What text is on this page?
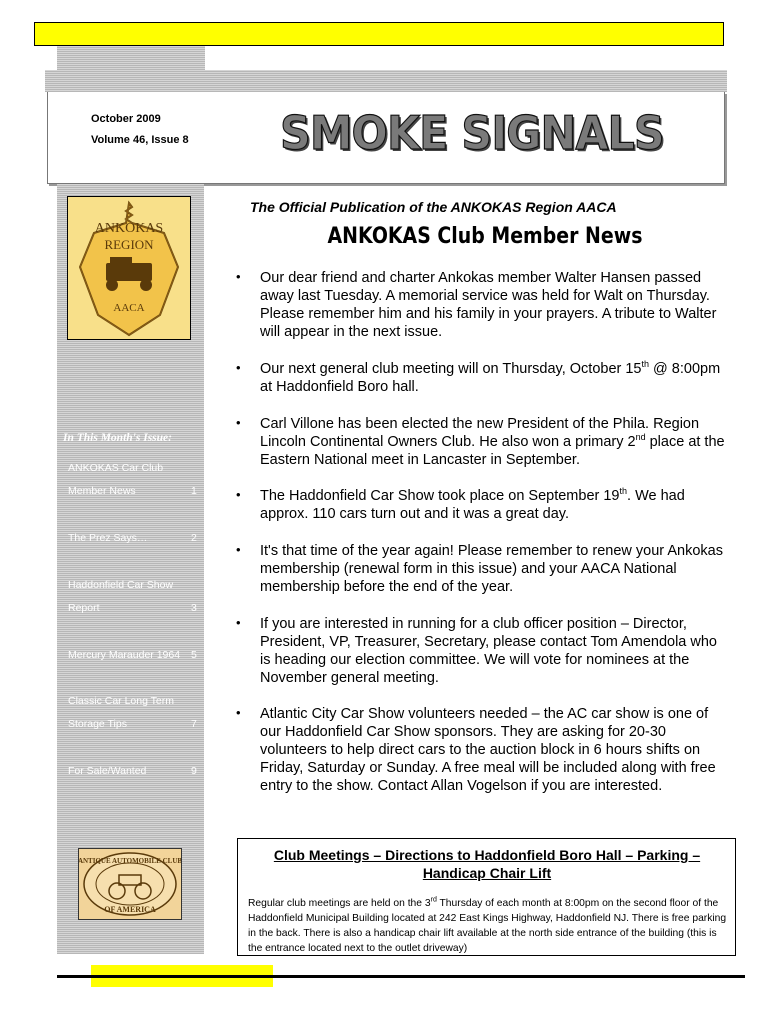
October 2009
Volume 46, Issue 8 SMOKE SIGNALS
ANKOKAS
REGION
AACA
In This Month's Issue:
ANKOKAS Car Club
Member News	1
The Prez Says…	2
Haddonfield Car Show
Report	3
Mercury Marauder 1964 5
Classic Car Long Term
Storage Tips	7
For Sale/Wanted	9
ANTIQUE AUTOMOBILE CLUB
OF AMERICA
The Official Publication of the ANKOKAS Region AACA
ANKOKAS Club Member News
• Our dear friend and charter Ankokas member Walter Hansen passed away last Tuesday. A memorial service was held for Walt on Thursday. Please remember him and his family in your prayers. A tribute to Walter will appear in the next issue.
• Our next general club meeting will on Thursday, October 15th @ 8:00pm at Haddonfield Boro hall.
• Carl Villone has been elected the new President of the Phila. Region Lincoln Continental Owners Club. He also won a primary 2nd place at the Eastern National meet in Lancaster in September.
• The Haddonfield Car Show took place on September 19th. We had approx. 110 cars turn out and it was a great day.
• It's that time of the year again! Please remember to renew your Ankokas membership (renewal form in this issue) and your AACA National membership before the end of the year.
• If you are interested in running for a club officer position – Director, President, VP, Treasurer, Secretary, please contact Tom Amendola who is heading our election committee. We will vote for nominees at the November general meeting.
• Atlantic City Car Show volunteers needed – the AC car show is one of our Haddonfield Car Show sponsors. They are asking for 20-30 volunteers to help direct cars to the auction block in 6 hours shifts on Friday, Saturday or Sunday. A free meal will be included along with free entry to the show. Contact Allan Vogelson if you are interested.
Club Meetings – Directions to Haddonfield Boro Hall – Parking – Handicap Chair Lift
Regular club meetings are held on the 3rd Thursday of each month at 8:00pm on the second floor of the Haddonfield Municipal Building located at 242 East Kings Highway, Haddonfield NJ. There is free parking in the back. There is also a handicap chair lift available at the north side entrance of the building (this is the entrance located next to the outlet driveway)
